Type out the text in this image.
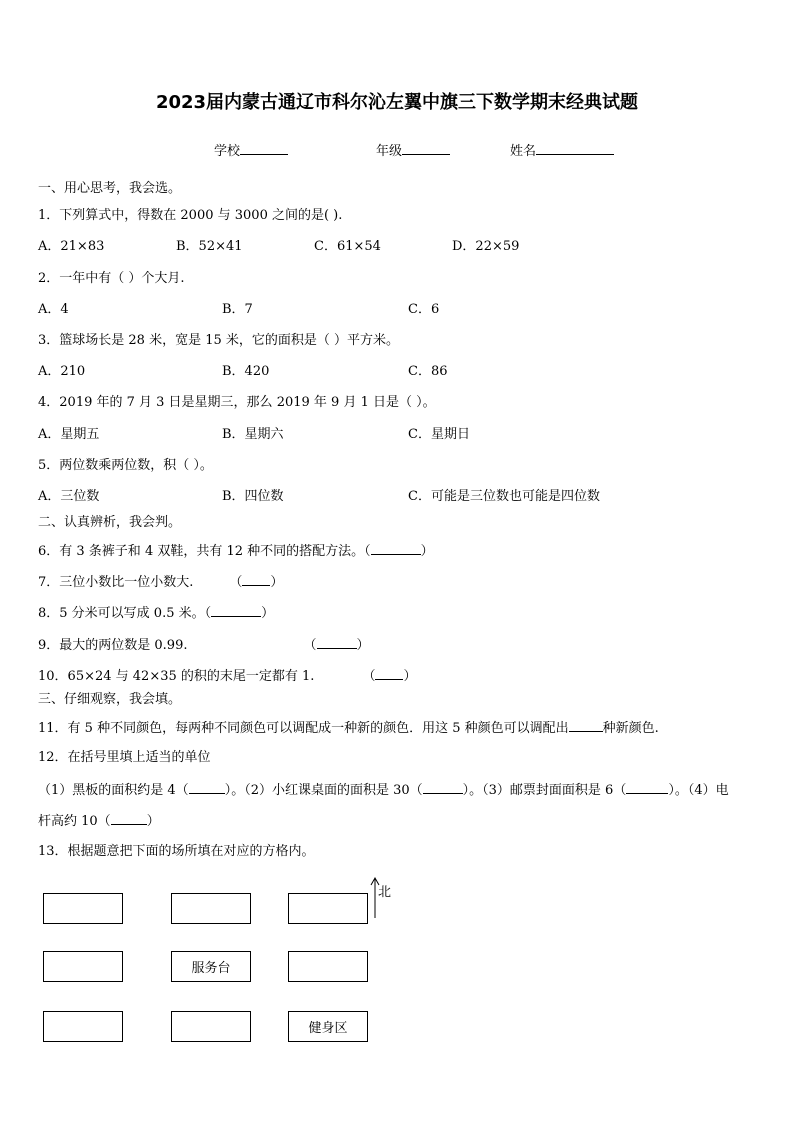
2023届内蒙古通辽市科尔沁左翼中旗三下数学期末经典试题
学校	年级	姓名
一、用心思考，我会选。
1．下列算式中，得数在 2000 与 3000 之间的是( ).
A．21×83	B．52×41	C．61×54	D．22×59
2．一年中有（ ）个大月.
A．4	B．7	C．6
3．篮球场长是 28 米，宽是 15 米，它的面积是（ ）平方米。
A．210	B．420	C．86
4．2019 年的 7 月 3 日是星期三，那么 2019 年 9 月 1 日是（ ）。
A．星期五	B．星期六	C．星期日
5．两位数乘两位数，积（ ）。
A．三位数	B．四位数	C．可能是三位数也可能是四位数
二、认真辨析，我会判。
6．有 3 条裤子和 4 双鞋，共有 12 种不同的搭配方法。（	）
7．三位小数比一位小数大.	（ ）
8．5 分米可以写成 0.5 米。（	）
9．最大的两位数是 0.99.	（	）
10．65×24 与 42×35 的积的末尾一定都有 1.	（ ）
三、仔细观察，我会填。
11．有 5 种不同颜色，每两种不同颜色可以调配成一种新的颜色．用这 5 种颜色可以调配出	种新颜色.
12．在括号里填上适当的单位
（1）黑板的面积约是 4（	）。（2）小红课桌面的面积是 30（	）。（3）邮票封面面积是 6（	）。（4）电
杆高约 10（	）
13．根据题意把下面的场所填在对应的方格内。
服务台
健身区
北
